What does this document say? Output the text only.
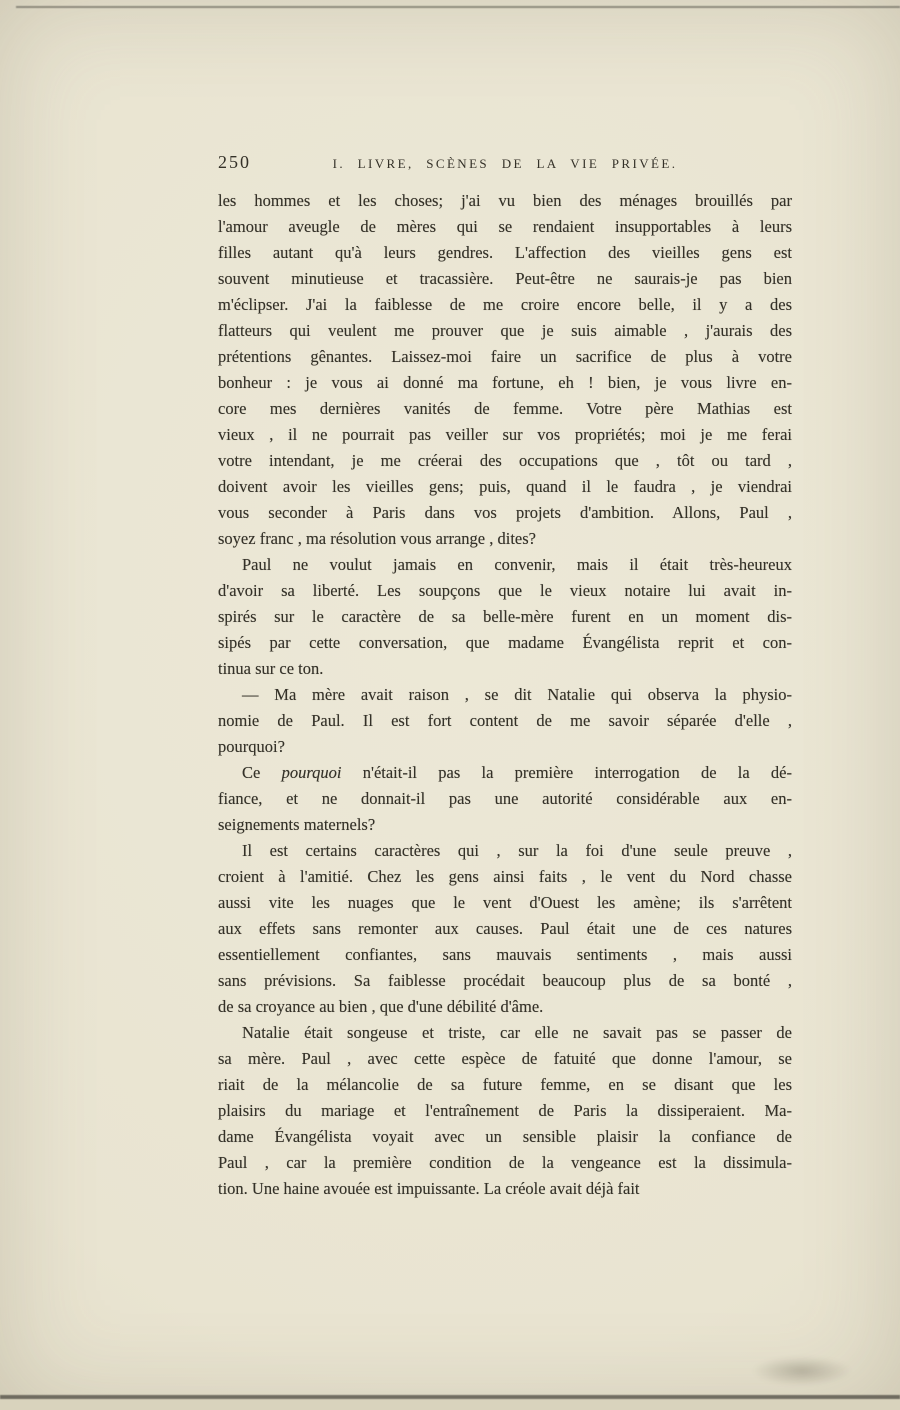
250	I. LIVRE, SCÈNES DE LA VIE PRIVÉE.
les hommes et les choses; j'ai vu bien des ménages brouillés par
l'amour aveugle de mères qui se rendaient insupportables à leurs
filles autant qu'à leurs gendres. L'affection des vieilles gens est
souvent minutieuse et tracassière. Peut-être ne saurais-je pas bien
m'éclipser. J'ai la faiblesse de me croire encore belle, il y a des
flatteurs qui veulent me prouver que je suis aimable , j'aurais des
prétentions gênantes. Laissez-moi faire un sacrifice de plus à votre
bonheur : je vous ai donné ma fortune, eh ! bien, je vous livre en-
core mes dernières vanités de femme. Votre père Mathias est
vieux , il ne pourrait pas veiller sur vos propriétés; moi je me ferai
votre intendant, je me créerai des occupations que , tôt ou tard ,
doivent avoir les vieilles gens; puis, quand il le faudra , je viendrai
vous seconder à Paris dans vos projets d'ambition. Allons, Paul ,
soyez franc , ma résolution vous arrange , dites?
Paul ne voulut jamais en convenir, mais il était très-heureux
d'avoir sa liberté. Les soupçons que le vieux notaire lui avait in-
spirés sur le caractère de sa belle-mère furent en un moment dis-
sipés par cette conversation, que madame Évangélista reprit et con-
tinua sur ce ton.
— Ma mère avait raison , se dit Natalie qui observa la physio-
nomie de Paul. Il est fort content de me savoir séparée d'elle ,
pourquoi?
Ce pourquoi n'était-il pas la première interrogation de la dé-
fiance, et ne donnait-il pas une autorité considérable aux en-
seignements maternels?
Il est certains caractères qui , sur la foi d'une seule preuve ,
croient à l'amitié. Chez les gens ainsi faits , le vent du Nord chasse
aussi vite les nuages que le vent d'Ouest les amène; ils s'arrêtent
aux effets sans remonter aux causes. Paul était une de ces natures
essentiellement confiantes, sans mauvais sentiments , mais aussi
sans prévisions. Sa faiblesse procédait beaucoup plus de sa bonté ,
de sa croyance au bien , que d'une débilité d'âme.
Natalie était songeuse et triste, car elle ne savait pas se passer de
sa mère. Paul , avec cette espèce de fatuité que donne l'amour, se
riait de la mélancolie de sa future femme, en se disant que les
plaisirs du mariage et l'entraînement de Paris la dissiperaient. Ma-
dame Évangélista voyait avec un sensible plaisir la confiance de
Paul , car la première condition de la vengeance est la dissimula-
tion. Une haine avouée est impuissante. La créole avait déjà fait
